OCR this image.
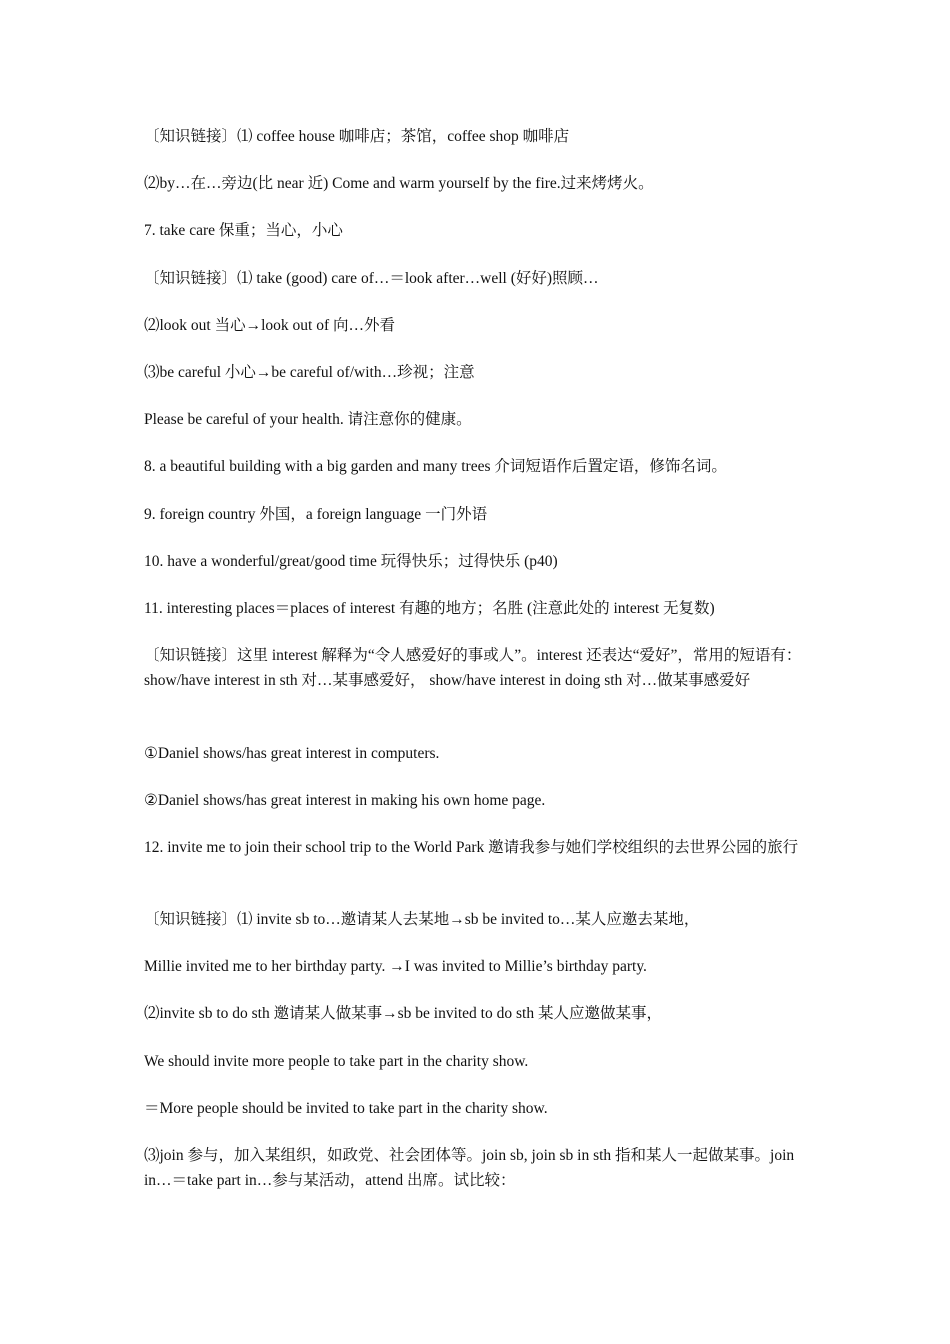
〔知识链接〕⑴ coffee house 咖啡店；茶馆，coffee shop 咖啡店

⑵by…在…旁边(比 near 近) Come and warm yourself by the fire.过来烤烤火。

7. take care 保重；当心，小心

〔知识链接〕⑴ take (good) care of…＝look after…well (好好)照顾…

⑵look out 当心→look out of 向…外看

⑶be careful 小心→be careful of/with…珍视；注意

Please be careful of your health. 请注意你的健康。

8. a beautiful building with a big garden and many trees 介词短语作后置定语，修饰名词。

9. foreign country 外国，a foreign language 一门外语

10. have a wonderful/great/good time 玩得快乐；过得快乐 (p40)

11. interesting places＝places of interest 有趣的地方；名胜 (注意此处的 interest 无复数)

〔知识链接〕这里 interest 解释为“令人感爱好的事或人”。interest 还表达“爱好”，常用的短语有：show/have interest in sth 对…某事感爱好， show/have interest in doing sth 对…做某事感爱好

①Daniel shows/has great interest in computers.

②Daniel shows/has great interest in making his own home page.

12. invite me to join their school trip to the World Park 邀请我参与她们学校组织的去世界公园的旅行

〔知识链接〕⑴ invite sb to…邀请某人去某地→sb be invited to…某人应邀去某地，

Millie invited me to her birthday party. →I was invited to Millie’s birthday party.

⑵invite sb to do sth 邀请某人做某事→sb be invited to do sth 某人应邀做某事，

We should invite more people to take part in the charity show.

＝More people should be invited to take part in the charity show.

⑶join 参与，加入某组织，如政党、社会团体等。join sb, join sb in sth 指和某人一起做某事。join in…＝take part in…参与某活动，attend 出席。试比较：
